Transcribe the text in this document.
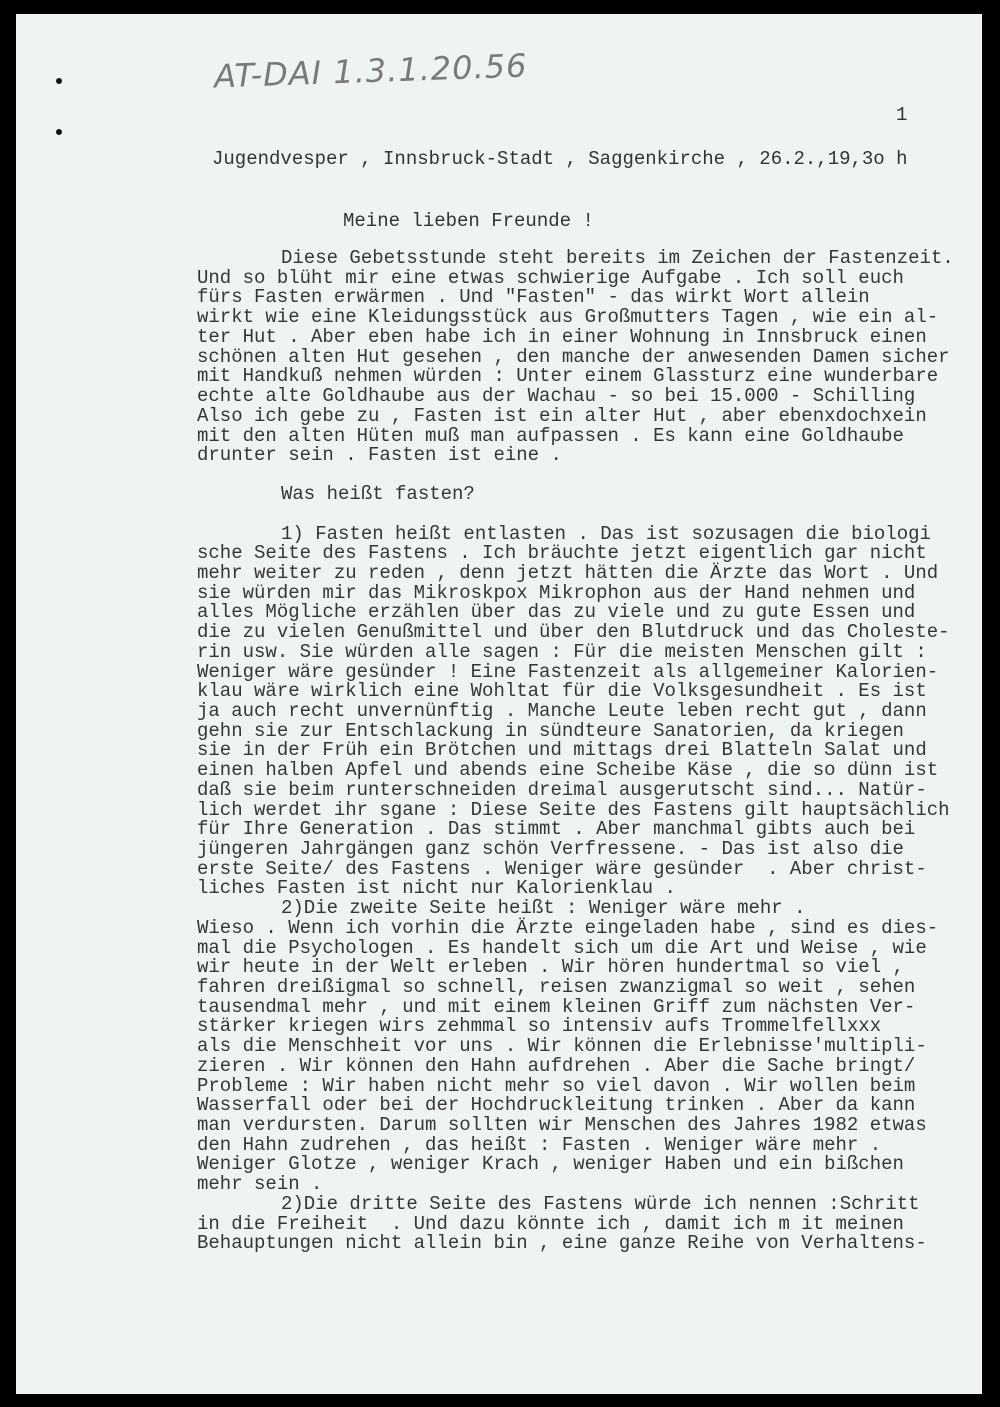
AT-DAI 1.3.1.20.56
1
Jugendvesper , Innsbruck-Stadt , Saggenkirche , 26.2.,19,3o h
Meine lieben Freunde !
Diese Gebetsstunde steht bereits im Zeichen der Fastenzeit.
Und so blüht mir eine etwas schwierige Aufgabe . Ich soll euch
fürs Fasten erwärmen . Und "Fasten" - das wirkt Wort allein
wirkt wie eine Kleidungsstück aus Großmutters Tagen , wie ein al-
ter Hut . Aber eben habe ich in einer Wohnung in Innsbruck einen
schönen alten Hut gesehen , den manche der anwesenden Damen sicher
mit Handkuß nehmen würden : Unter einem Glassturz eine wunderbare
echte alte Goldhaube aus der Wachau - so bei 15.000 - Schilling
Also ich gebe zu , Fasten ist ein alter Hut , aber ebenxdochxein
mit den alten Hüten muß man aufpassen . Es kann eine Goldhaube
drunter sein . Fasten ist eine .
Was heißt fasten?
1) Fasten heißt entlasten . Das ist sozusagen die biologi
sche Seite des Fastens . Ich bräuchte jetzt eigentlich gar nicht
mehr weiter zu reden , denn jetzt hätten die Ärzte das Wort . Und
sie würden mir das Mikroskpox Mikrophon aus der Hand nehmen und
alles Mögliche erzählen über das zu viele und zu gute Essen und
die zu vielen Genußmittel und über den Blutdruck und das Choleste-
rin usw. Sie würden alle sagen : Für die meisten Menschen gilt :
Weniger wäre gesünder ! Eine Fastenzeit als allgemeiner Kalorien-
klau wäre wirklich eine Wohltat für die Volksgesundheit . Es ist
ja auch recht unvernünftig . Manche Leute leben recht gut , dann
gehn sie zur Entschlackung in sündteure Sanatorien, da kriegen
sie in der Früh ein Brötchen und mittags drei Blatteln Salat und
einen halben Apfel und abends eine Scheibe Käse , die so dünn ist
daß sie beim runterschneiden dreimal ausgerutscht sind... Natür-
lich werdet ihr sgane : Diese Seite des Fastens gilt hauptsächlich
für Ihre Generation . Das stimmt . Aber manchmal gibts auch bei
jüngeren Jahrgängen ganz schön Verfressene. - Das ist also die
erste Seite/ des Fastens . Weniger wäre gesünder  . Aber christ-
liches Fasten ist nicht nur Kalorienklau .
2)Die zweite Seite heißt : Weniger wäre mehr .
Wieso . Wenn ich vorhin die Ärzte eingeladen habe , sind es dies-
mal die Psychologen . Es handelt sich um die Art und Weise , wie
wir heute in der Welt erleben . Wir hören hundertmal so viel ,
fahren dreißigmal so schnell, reisen zwanzigmal so weit , sehen
tausendmal mehr , und mit einem kleinen Griff zum nächsten Ver-
stärker kriegen wirs zehmmal so intensiv aufs Trommelfellxxx
als die Menschheit vor uns . Wir können die Erlebnisse'multipli-
zieren . Wir können den Hahn aufdrehen . Aber die Sache bringt/
Probleme : Wir haben nicht mehr so viel davon . Wir wollen beim
Wasserfall oder bei der Hochdruckleitung trinken . Aber da kann
man verdursten. Darum sollten wir Menschen des Jahres 1982 etwas
den Hahn zudrehen , das heißt : Fasten . Weniger wäre mehr .
Weniger Glotze , weniger Krach , weniger Haben und ein bißchen
mehr sein .
2)Die dritte Seite des Fastens würde ich nennen :Schritt
in die Freiheit  . Und dazu könnte ich , damit ich m it meinen
Behauptungen nicht allein bin , eine ganze Reihe von Verhaltens-
